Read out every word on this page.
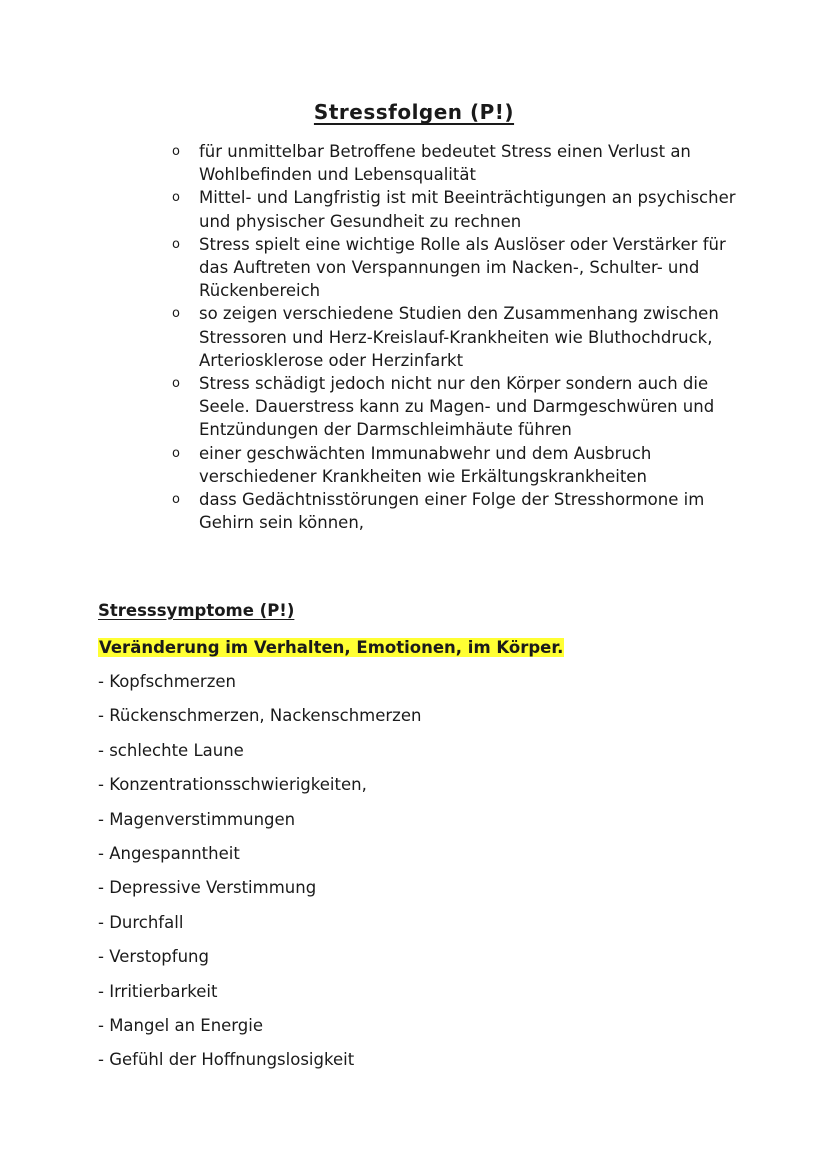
Stressfolgen (P!)
o für unmittelbar Betroffene bedeutet Stress einen Verlust an Wohlbefinden und Lebensqualität
o Mittel- und Langfristig ist mit Beeinträchtigungen an psychischer und physischer Gesundheit zu rechnen
o Stress spielt eine wichtige Rolle als Auslöser oder Verstärker für das Auftreten von Verspannungen im Nacken-, Schulter- und Rückenbereich
o so zeigen verschiedene Studien den Zusammenhang zwischen Stressoren und Herz-Kreislauf-Krankheiten wie Bluthochdruck, Arteriosklerose oder Herzinfarkt
o Stress schädigt jedoch nicht nur den Körper sondern auch die Seele. Dauerstress kann zu Magen- und Darmgeschwüren und Entzündungen der Darmschleimhäute führen
o einer geschwächten Immunabwehr und dem Ausbruch verschiedener Krankheiten wie Erkältungskrankheiten
o dass Gedächtnisstörungen einer Folge der Stresshormone im Gehirn sein können,
Stresssymptome (P!)

Veränderung im Verhalten, Emotionen, im Körper.

- Kopfschmerzen
- Rückenschmerzen, Nackenschmerzen
- schlechte Laune
- Konzentrationsschwierigkeiten,
- Magenverstimmungen
- Angespanntheit
- Depressive Verstimmung
- Durchfall
- Verstopfung
- Irritierbarkeit
- Mangel an Energie
- Gefühl der Hoffnungslosigkeit
